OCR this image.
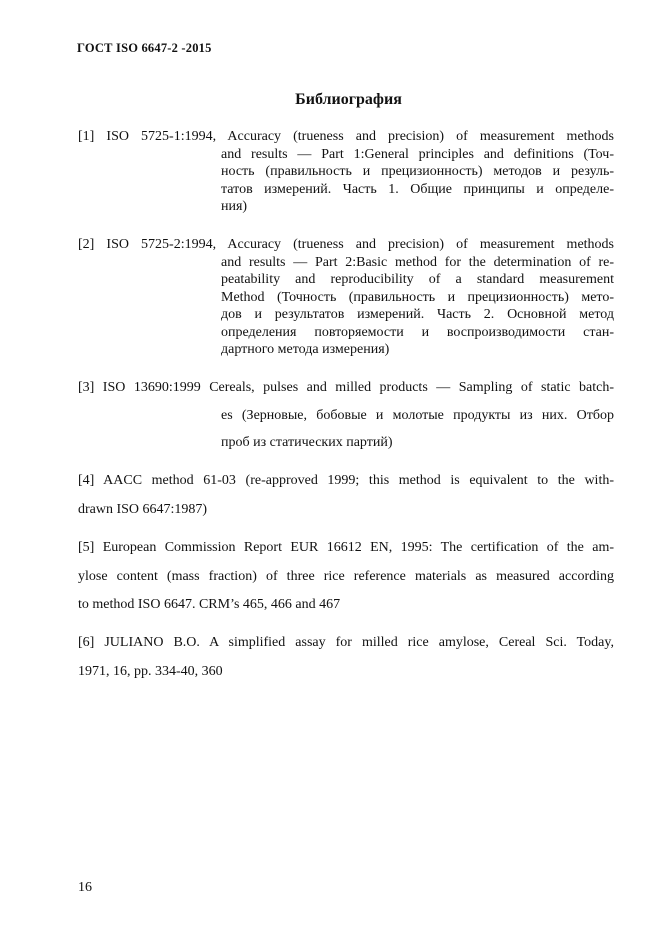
ГОСТ ISO 6647-2 -2015
Библиография
[1] ISO 5725-1:1994, Accuracy (trueness and precision) of measurement methods
and results — Part 1:General principles and definitions (Точ-
ность (правильность и прецизионность) методов и резуль-
татов измерений. Часть 1. Общие принципы и определе-
ния)
[2] ISO 5725-2:1994, Accuracy (trueness and precision) of measurement methods
and results — Part 2:Basic method for the determination of re-
peatability and reproducibility of a standard measurement
Method (Точность (правильность и прецизионность) мето-
дов и результатов измерений. Часть 2. Основной метод
определения повторяемости и воспроизводимости стан-
дартного метода измерения)
[3] ISO 13690:1999 Cereals, pulses and milled products — Sampling of static batch-
es (Зерновые, бобовые и молотые продукты из них. Отбор
проб из статических партий)
[4] AACC method 61-03 (re-approved 1999; this method is equivalent to the with-
drawn ISO 6647:1987)
[5] European Commission Report EUR 16612 EN, 1995: The certification of the am-
ylose content (mass fraction) of three rice reference materials as measured according
to method ISO 6647. CRM’s 465, 466 and 467
[6] JULIANO B.O. A simplified assay for milled rice amylose, Cereal Sci. Today,
1971, 16, pp. 334-40, 360
16
